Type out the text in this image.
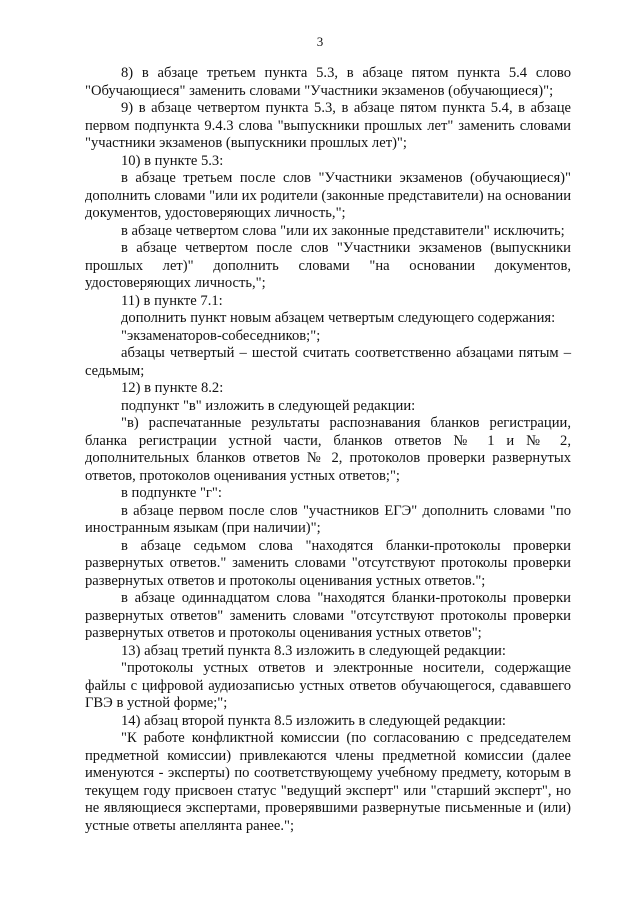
3

8) в абзаце третьем пункта 5.3, в абзаце пятом пункта 5.4 слово "Обучающиеся" заменить словами "Участники экзаменов (обучающиеся)";

9) в абзаце четвертом пункта 5.3, в абзаце пятом пункта 5.4, в абзаце первом подпункта 9.4.3 слова "выпускники прошлых лет" заменить словами "участники экзаменов (выпускники прошлых лет)";

10) в пункте 5.3:

в абзаце третьем после слов "Участники экзаменов (обучающиеся)" дополнить словами "или их родители (законные представители) на основании документов, удостоверяющих личность,";

в абзаце четвертом слова "или их законные представители" исключить;

в абзаце четвертом после слов "Участники экзаменов (выпускники прошлых лет)" дополнить словами "на основании документов, удостоверяющих личность,";

11) в пункте 7.1:

дополнить пункт новым абзацем четвертым следующего содержания:

"экзаменаторов-собеседников;";

абзацы четвертый – шестой считать соответственно абзацами пятым – седьмым;

12) в пункте 8.2:

подпункт "в" изложить в следующей редакции:

"в) распечатанные результаты распознавания бланков регистрации, бланка регистрации устной части, бланков ответов № 1 и № 2, дополнительных бланков ответов № 2, протоколов проверки развернутых ответов, протоколов оценивания устных ответов;";

в подпункте "г":

в абзаце первом после слов "участников ЕГЭ" дополнить словами "по иностранным языкам (при наличии)";

в абзаце седьмом слова "находятся бланки-протоколы проверки развернутых ответов." заменить словами "отсутствуют протоколы проверки развернутых ответов и протоколы оценивания устных ответов.";

в абзаце одиннадцатом слова "находятся бланки-протоколы проверки развернутых ответов" заменить словами "отсутствуют протоколы проверки развернутых ответов и протоколы оценивания устных ответов";

13) абзац третий пункта 8.3 изложить в следующей редакции:

"протоколы устных ответов и электронные носители, содержащие файлы с цифровой аудиозаписью устных ответов обучающегося, сдававшего ГВЭ в устной форме;";

14) абзац второй пункта 8.5 изложить в следующей редакции:

"К работе конфликтной комиссии (по согласованию с председателем предметной комиссии) привлекаются члены предметной комиссии (далее именуются - эксперты) по соответствующему учебному предмету, которым в текущем году присвоен статус "ведущий эксперт" или "старший эксперт", но не являющиеся экспертами, проверявшими развернутые письменные и (или) устные ответы апеллянта ранее.";
